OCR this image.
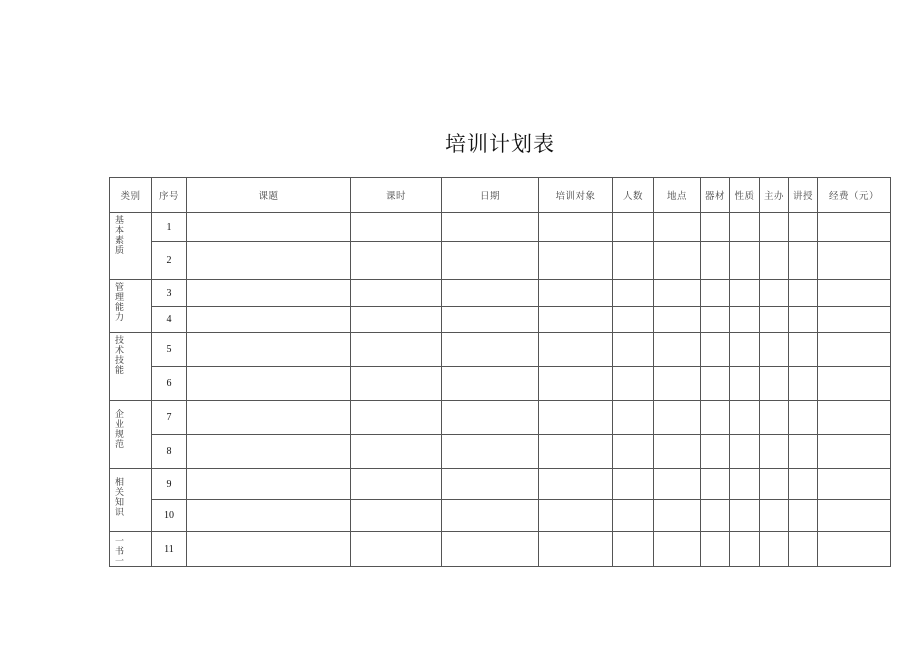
培训计划表
类别	序号	课题	课时	日期	培训对象	人数	地点	器材	性质	主办	讲授	经费（元）

基本素质	1											
	2											

管理能力	3											
	4											

技术技能	5											
	6											

企业规范	7											
	8											

相关知识	9											
	10											

一书一	11											
